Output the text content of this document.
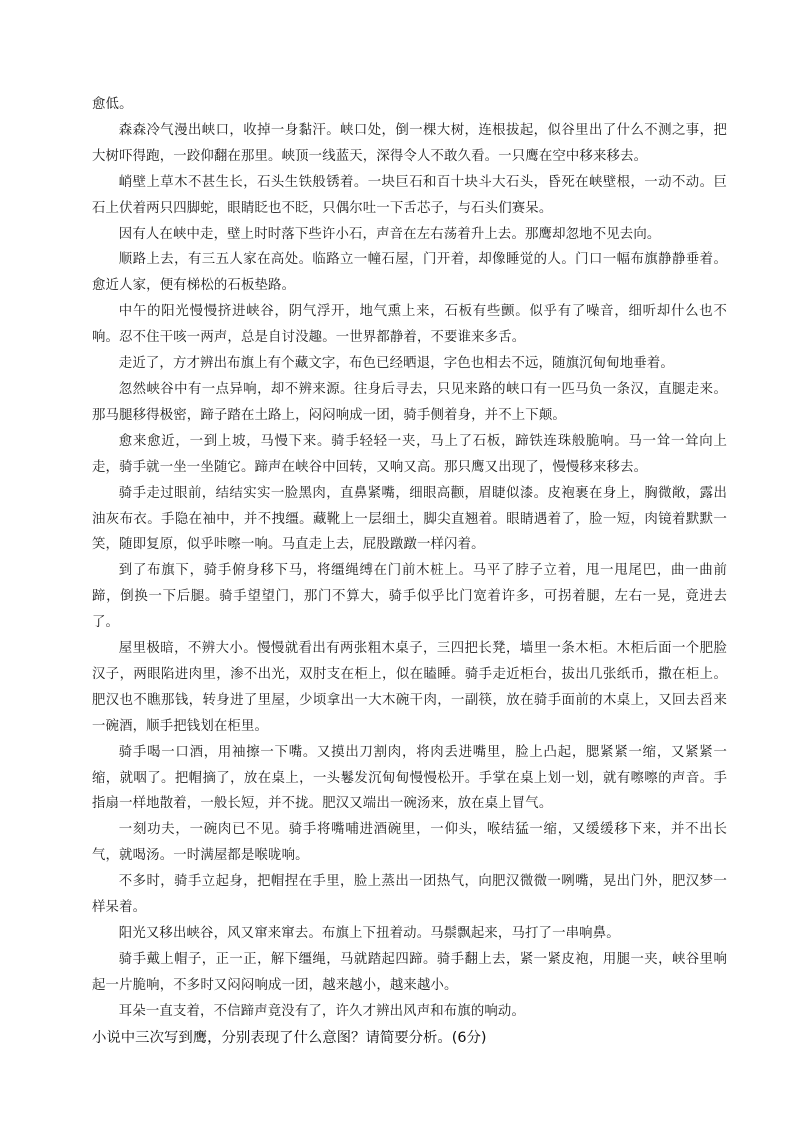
愈低。

森森冷气漫出峡口，收掉一身黏汗。峡口处，倒一棵大树，连根拔起，似谷里出了什么不测之事，把大树吓得跑，一跤仰翻在那里。峡顶一线蓝天，深得令人不敢久看。一只鹰在空中移来移去。

峭壁上草木不甚生长，石头生铁般锈着。一块巨石和百十块斗大石头，昏死在峡壁根，一动不动。巨石上伏着两只四脚蛇，眼睛眨也不眨，只偶尔吐一下舌芯子，与石头们赛呆。

因有人在峡中走，壁上时时落下些许小石，声音在左右荡着升上去。那鹰却忽地不见去向。

顺路上去，有三五人家在高处。临路立一幢石屋，门开着，却像睡觉的人。门口一幅布旗静静垂着。愈近人家，便有梯松的石板垫路。

中午的阳光慢慢挤进峡谷，阴气浮开，地气熏上来，石板有些颤。似乎有了噪音，细听却什么也不响。忍不住干咳一两声，总是自讨没趣。一世界都静着，不要谁来多舌。

走近了，方才辨出布旗上有个藏文字，布色已经晒退，字色也相去不远，随旗沉甸甸地垂着。

忽然峡谷中有一点异响，却不辨来源。往身后寻去，只见来路的峡口有一匹马负一条汉，直腿走来。那马腿移得极密，蹄子踏在土路上，闷闷响成一团，骑手侧着身，并不上下颠。

愈来愈近，一到上坡，马慢下来。骑手轻轻一夹，马上了石板，蹄铁连珠般脆响。马一耸一耸向上走，骑手就一坐一坐随它。蹄声在峡谷中回转，又响又高。那只鹰又出现了，慢慢移来移去。

骑手走过眼前，结结实实一脸黑肉，直鼻紧嘴，细眼高颧，眉睫似漆。皮袍裹在身上，胸微敞，露出油灰布衣。手隐在袖中，并不拽缰。藏靴上一层细土，脚尖直翘着。眼睛遇着了，脸一短，肉镜着默默一笑，随即复原，似乎咔嚓一响。马直走上去，屁股蹾蹾一样闪着。

到了布旗下，骑手俯身移下马，将缰绳缚在门前木桩上。马平了脖子立着，甩一甩尾巴，曲一曲前蹄，倒换一下后腿。骑手望望门，那门不算大，骑手似乎比门宽着许多，可拐着腿，左右一晃，竟进去了。

屋里极暗，不辨大小。慢慢就看出有两张粗木桌子，三四把长凳，墙里一条木柜。木柜后面一个肥脸汉子，两眼陷进肉里，渗不出光，双肘支在柜上，似在瞌睡。骑手走近柜台，拔出几张纸币，撒在柜上。肥汉也不瞧那钱，转身进了里屋，少顷拿出一大木碗干肉，一副筷，放在骑手面前的木桌上，又回去舀来一碗酒，顺手把钱划在柜里。

骑手喝一口酒，用袖擦一下嘴。又摸出刀割肉，将肉丢进嘴里，脸上凸起，腮紧紧一缩，又紧紧一缩，就咽了。把帽摘了，放在桌上，一头鬈发沉甸甸慢慢松开。手掌在桌上划一划，就有嚓嚓的声音。手指扇一样地散着，一般长短，并不拢。肥汉又端出一碗汤来，放在桌上冒气。

一刻功夫，一碗肉已不见。骑手将嘴哺进酒碗里，一仰头，喉结猛一缩，又缓缓移下来，并不出长气，就喝汤。一时满屋都是喉咙响。

不多时，骑手立起身，把帽捏在手里，脸上蒸出一团热气，向肥汉微微一咧嘴，晃出门外，肥汉梦一样呆着。

阳光又移出峡谷，风又窜来窜去。布旗上下扭着动。马鬃飘起来，马打了一串响鼻。

骑手戴上帽子，正一正，解下缰绳，马就踏起四蹄。骑手翻上去，紧一紧皮袍，用腿一夹，峡谷里响起一片脆响，不多时又闷闷响成一团，越来越小，越来越小。

耳朵一直支着，不信蹄声竟没有了，许久才辨出风声和布旗的响动。

小说中三次写到鹰，分别表现了什么意图？请简要分析。(6分)
